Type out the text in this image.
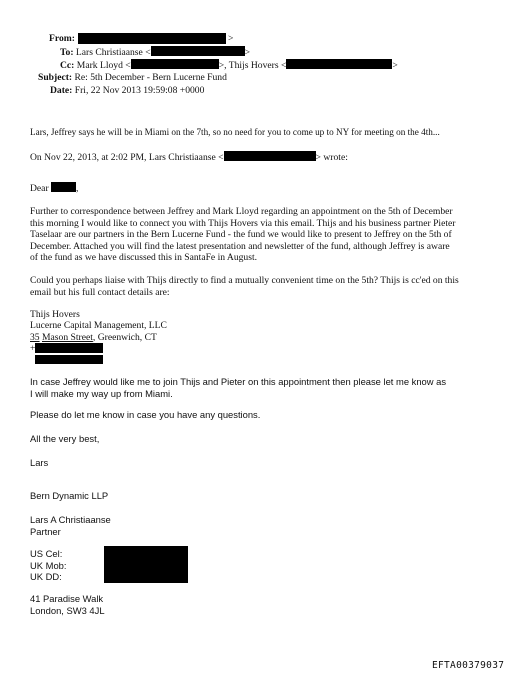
From:	>
To: Lars Christiaanse <	>
Cc: Mark Lloyd <	>, Thijs Hovers <	>
Subject: Re: 5th December - Bern Lucerne Fund
Date: Fri, 22 Nov 2013 19:59:08 +0000
Lars, Jeffrey says he will be in Miami on the 7th, so no need for you to come up to NY for meeting on the 4th...
On Nov 22, 2013, at 2:02 PM, Lars Christiaanse <	> wrote:
Dear	,
Further to correspondence between Jeffrey and Mark Lloyd regarding an appointment on the 5th of December
this morning I would like to connect you with Thijs Hovers via this email. Thijs and his business partner Pieter
Taselaar are our partners in the Bern Lucerne Fund - the fund we would like to present to Jeffrey on the 5th of
December. Attached you will find the latest presentation and newsletter of the fund, although Jeffrey is aware
of the fund as we have discussed this in SantaFe in August.
Could you perhaps liaise with Thijs directly to find a mutually convenient time on the 5th? Thijs is cc'ed on this
email but his full contact details are:
Thijs Hovers
Lucerne Capital Management, LLC
35 Mason Street, Greenwich, CT
+
In case Jeffrey would like me to join Thijs and Pieter on this appointment then please let me know as
I will make my way up from Miami.
Please do let me know in case you have any questions.
All the very best,
Lars
Bern Dynamic LLP
Lars A Christiaanse
Partner
US Cel:
UK Mob:
UK DD:
41 Paradise Walk
London, SW3 4JL
EFTA00379037
